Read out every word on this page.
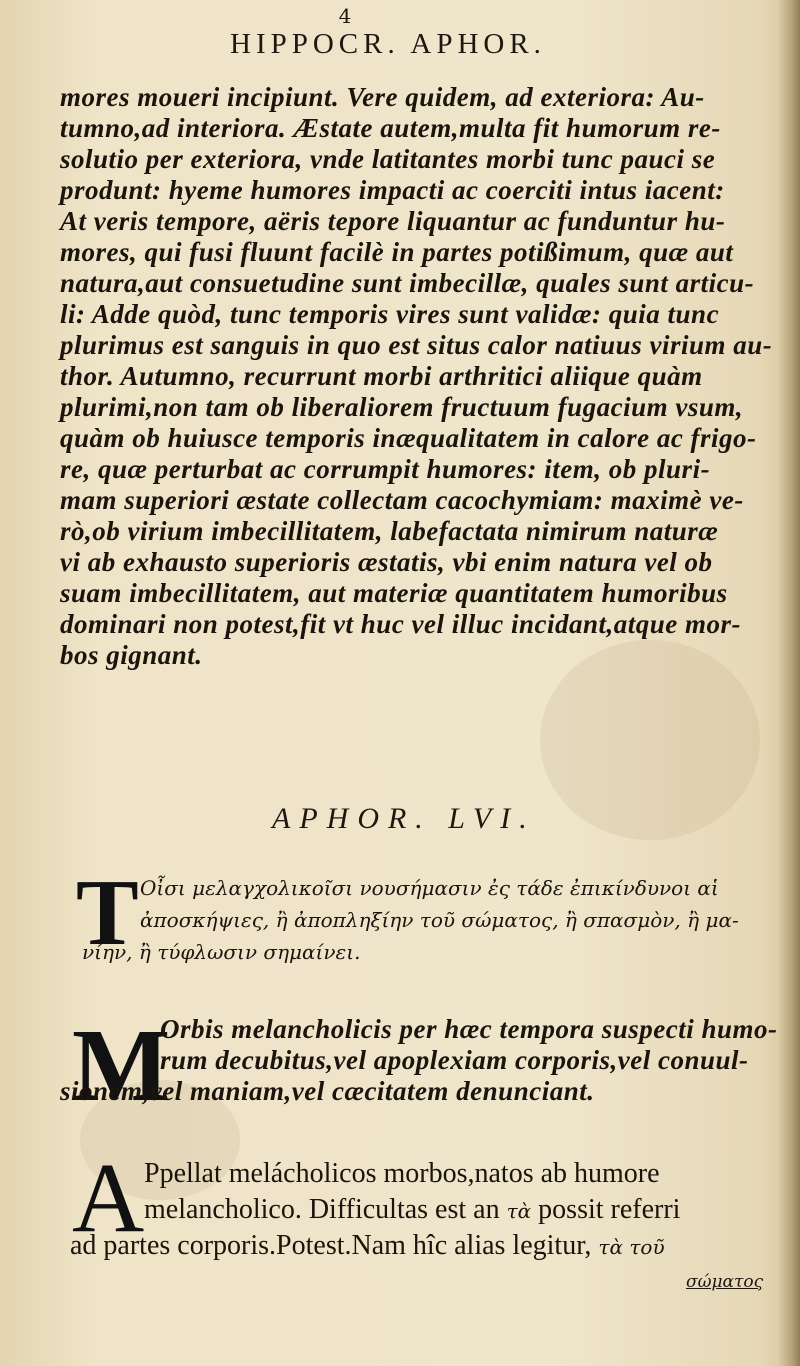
4
HIPPOCR. APHOR.
mores moueri incipiunt. Vere quidem, ad exteriora: Au-
tumno,ad interiora. Æstate autem,multa fit humorum re-
solutio per exteriora, vnde latitantes morbi tunc pauci se
produnt: hyeme humores impacti ac coerciti intus iacent:
At veris tempore, aëris tepore liquantur ac funduntur hu-
mores, qui fusi fluunt facilè in partes potißimum, quæ aut
natura,aut consuetudine sunt imbecillæ, quales sunt articu-
li: Adde quòd, tunc temporis vires sunt validæ: quia tunc
plurimus est sanguis in quo est situs calor natiuus virium au-
thor. Autumno, recurrunt morbi arthritici aliique quàm
plurimi,non tam ob liberaliorem fructuum fugacium vsum,
quàm ob huiusce temporis inæqualitatem in calore ac frigo-
re, quæ perturbat ac corrumpit humores: item, ob pluri-
mam superiori æstate collectam cacochymiam: maximè ve-
rò,ob virium imbecillitatem, labefactata nimirum naturæ
vi ab exhausto superioris æstatis, vbi enim natura vel ob
suam imbecillitatem, aut materiæ quantitatem humoribus
dominari non potest,fit vt huc vel illuc incidant,atque mor-
bos gignant.
APHOR. LVI.
T Οἶσι μελαγχολικοῖσι νουσήμασιν ἐς τάδε ἐπικίνδυνοι αἱ
ἀποσκήψιες, ἢ ἀποπληξίην τοῦ σώματος, ἢ σπασμὸν, ἢ μα-
νίην, ἢ τύφλωσιν σημαίνει.
M
Orbis melancholicis per hæc tempora suspecti humo-
rum decubitus,vel apoplexiam corporis,vel conuul-
sionem,vel maniam,vel cæcitatem denunciant.
A Ppellat melácholicos morbos,natos ab humore
melancholico. Difficultas est an τὰ possit referri
ad partes corporis.Potest.Nam hîc alias legitur, τὰ τοῦ
σώματος
